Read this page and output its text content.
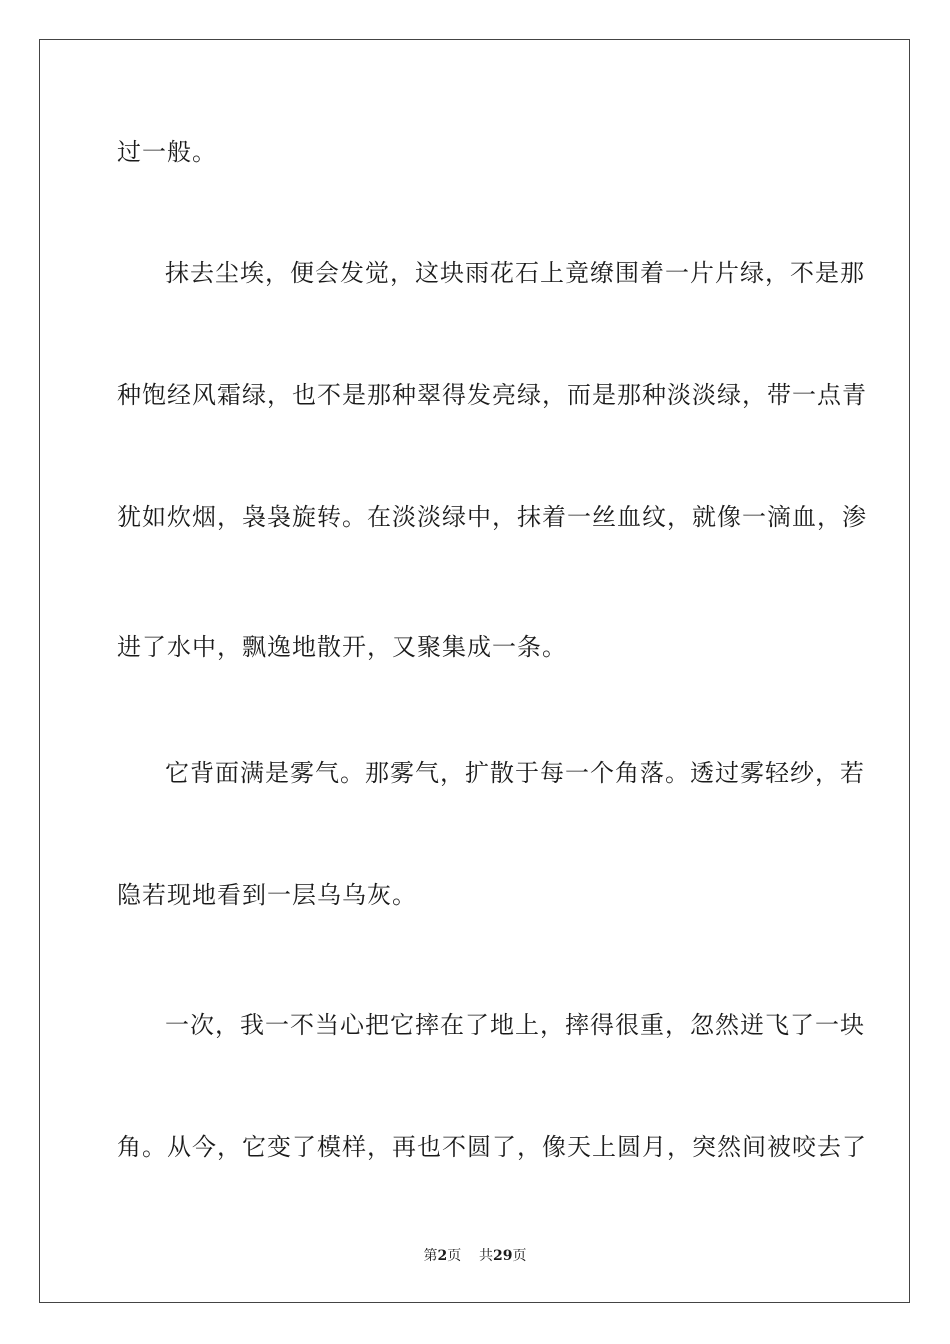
过一般。
抹去尘埃，便会发觉，这块雨花石上竟缭围着一片片绿，不是那
种饱经风霜绿，也不是那种翠得发亮绿，而是那种淡淡绿，带一点青
犹如炊烟，袅袅旋转。在淡淡绿中，抹着一丝血纹，就像一滴血，渗
进了水中，飘逸地散开，又聚集成一条。
它背面满是雾气。那雾气，扩散于每一个角落。透过雾轻纱，若
隐若现地看到一层乌乌灰。
一次，我一不当心把它摔在了地上，摔得很重，忽然迸飞了一块
角。从今，它变了模样，再也不圆了，像天上圆月，突然间被咬去了
第2页 共29页
